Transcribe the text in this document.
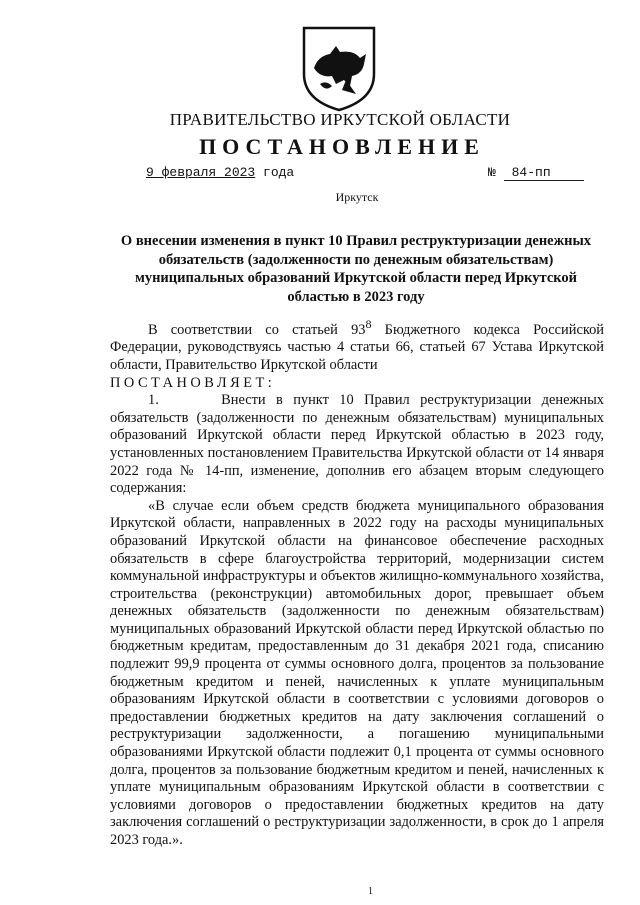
ПРАВИТЕЛЬСТВО ИРКУТСКОЙ ОБЛАСТИ
ПОСТАНОВЛЕНИЕ
9 февраля 2023 года	№ 84-пп
Иркутск
О внесении изменения в пункт 10 Правил реструктуризации денежных обязательств (задолженности по денежным обязательствам) муниципальных образований Иркутской области перед Иркутской областью в 2023 году

В соответствии со статьей $93^8$ Бюджетного кодекса Российской Федерации, руководствуясь частью 4 статьи 66, статьей 67 Устава Иркутской области, Правительство Иркутской области

ПОСТАНОВЛЯЕТ:

1.      Внести в пункт 10 Правил реструктуризации денежных обязательств (задолженности по денежным обязательствам) муниципальных образований Иркутской области перед Иркутской областью в 2023 году, установленных постановлением Правительства Иркутской области от 14 января 2022 года № 14-пп, изменение, дополнив его абзацем вторым следующего содержания:

«В случае если объем средств бюджета муниципального образования Иркутской области, направленных в 2022 году на расходы муниципальных образований Иркутской области на финансовое обеспечение расходных обязательств в сфере благоустройства территорий, модернизации систем коммунальной инфраструктуры и объектов жилищно-коммунального хозяйства, строительства (реконструкции) автомобильных дорог, превышает объем денежных обязательств (задолженности по денежным обязательствам) муниципальных образований Иркутской области перед Иркутской областью по бюджетным кредитам, предоставленным до 31 декабря 2021 года, списанию подлежит 99,9 процента от суммы основного долга, процентов за пользование бюджетным кредитом и пеней, начисленных к уплате муниципальным образованиям Иркутской области в соответствии с условиями договоров о предоставлении бюджетных кредитов на дату заключения соглашений о реструктуризации задолженности, а погашению муниципальными образованиями Иркутской области подлежит 0,1 процента от суммы основного долга, процентов за пользование бюджетным кредитом и пеней, начисленных к уплате муниципальным образованиям Иркутской области в соответствии с условиями договоров о предоставлении бюджетных кредитов на дату заключения соглашений о реструктуризации задолженности, в срок до 1 апреля 2023 года.».

1
